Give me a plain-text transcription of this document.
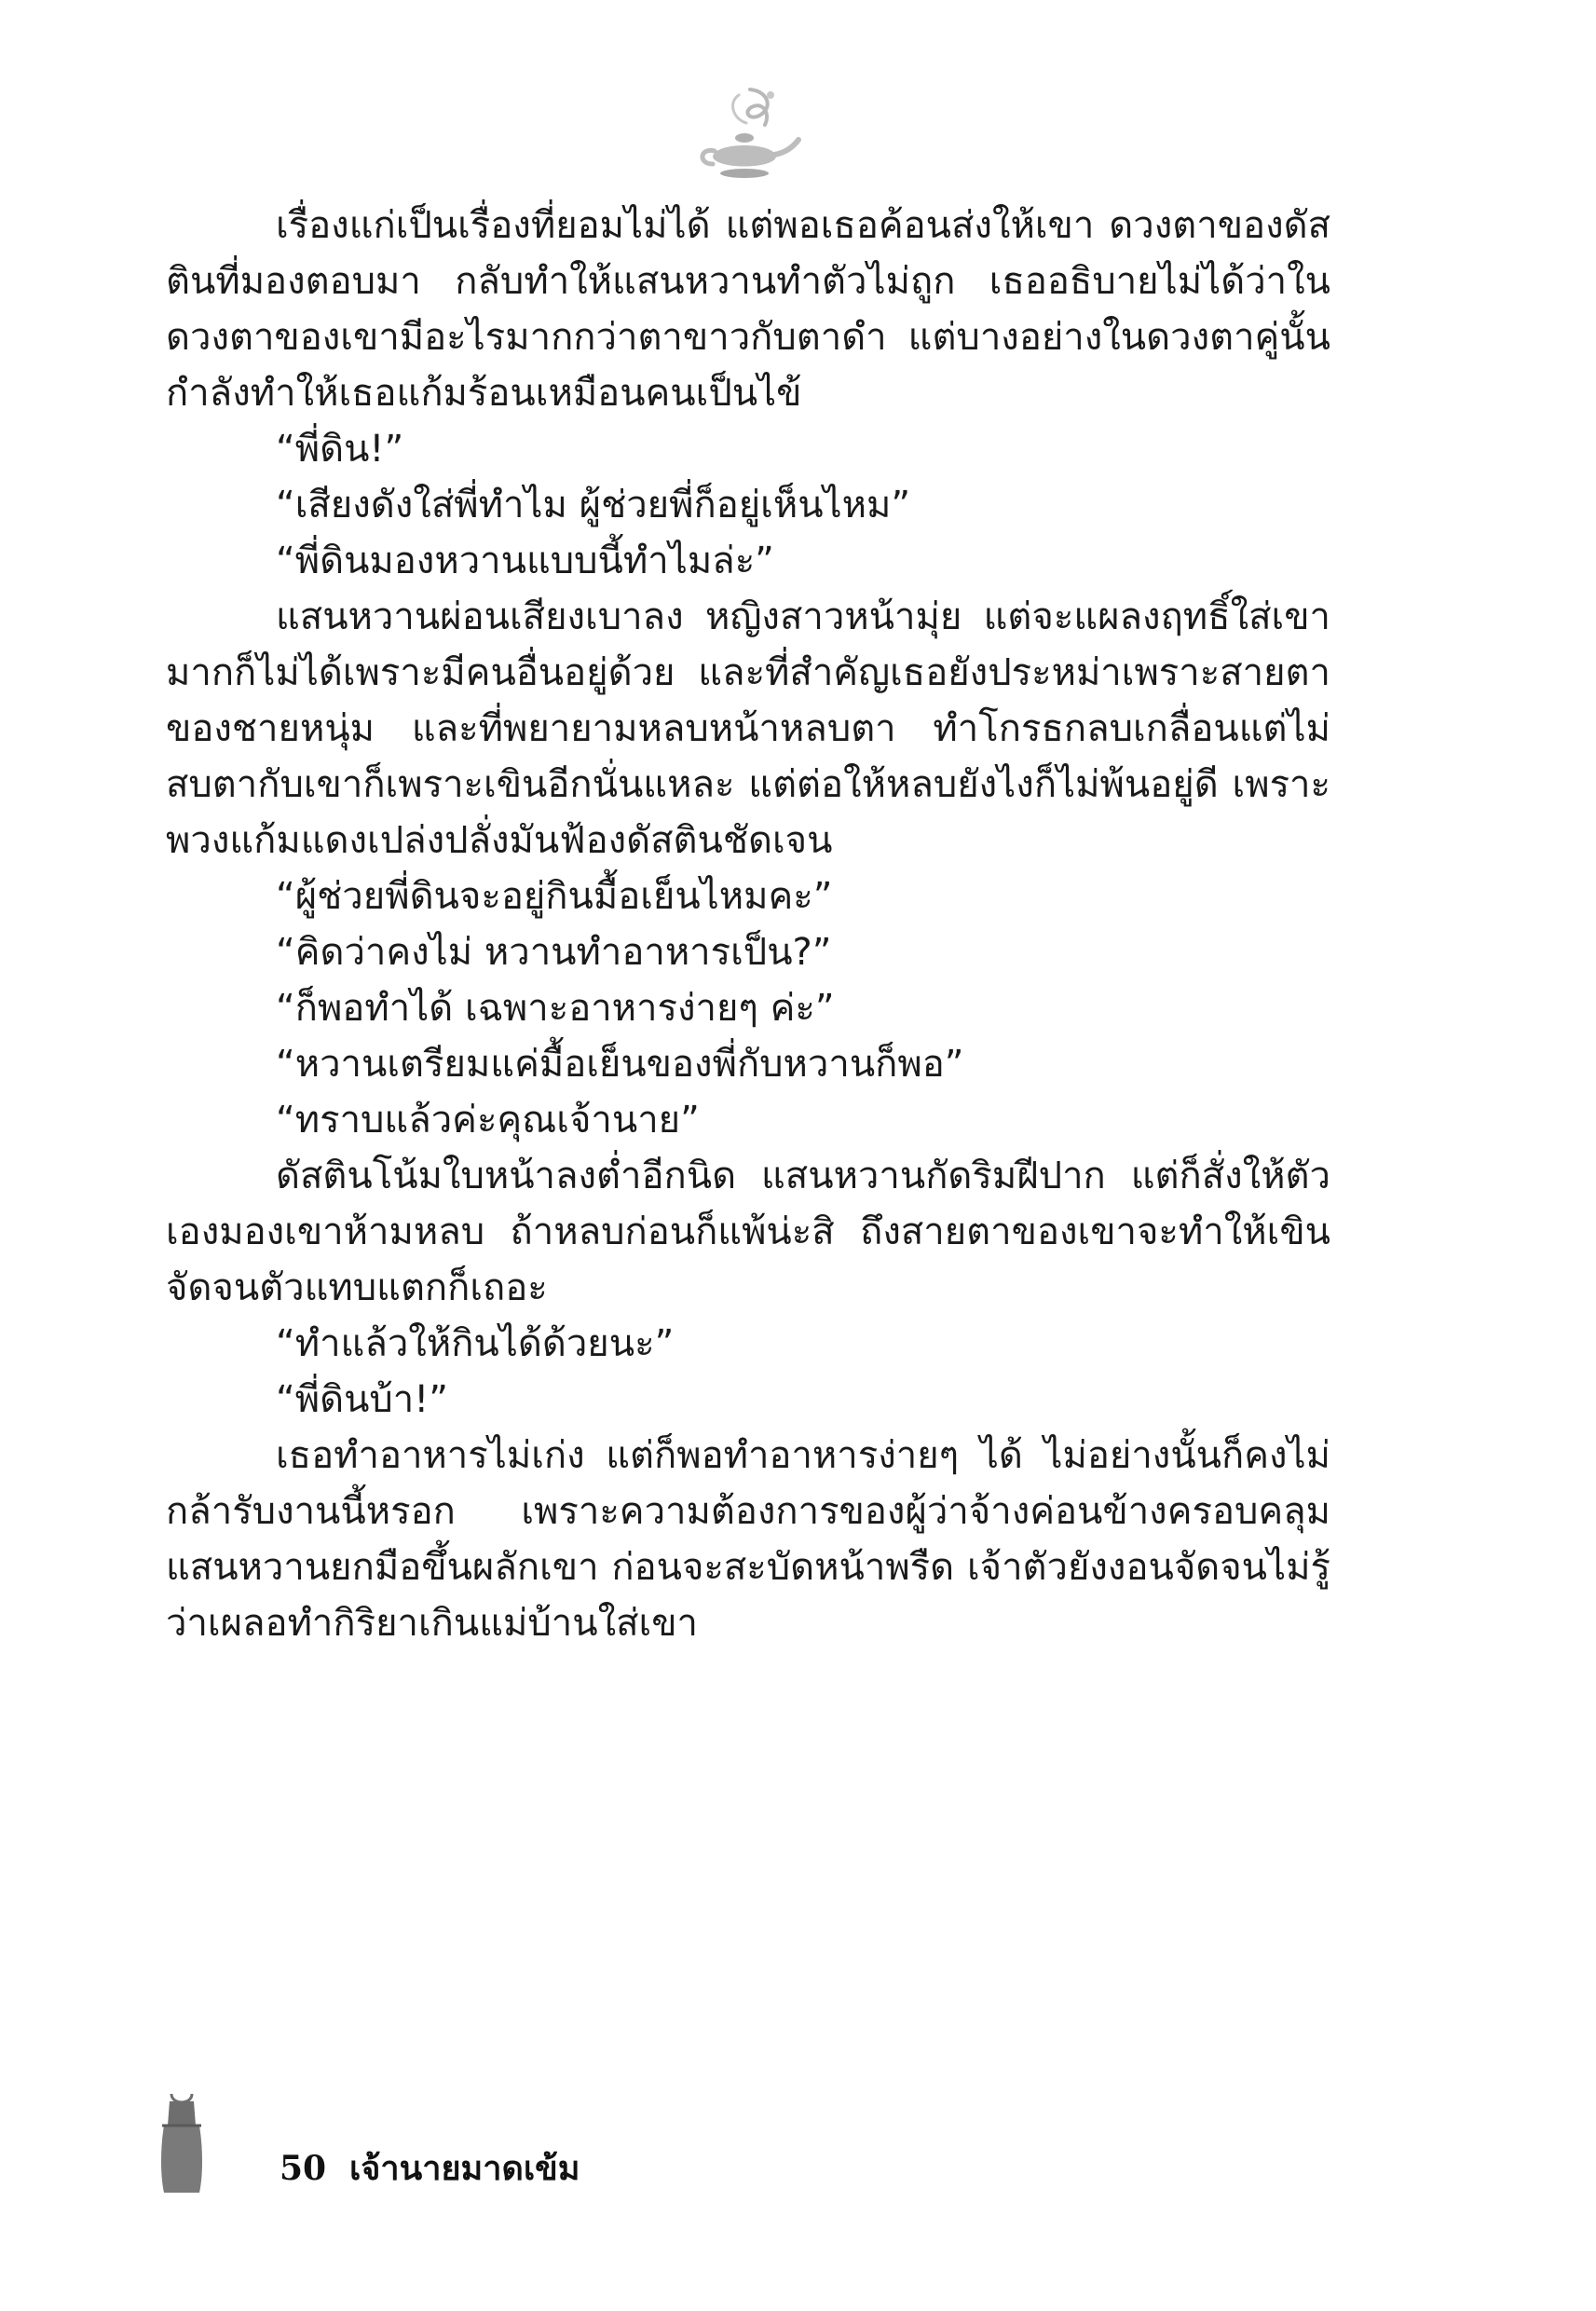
เรื่องแก่เป็นเรื่องที่ยอมไม่ได้ แต่พอเธอค้อนส่งให้เขา ดวงตาของดัสตินที่มองตอบมา กลับทำให้แสนหวานทำตัวไม่ถูก เธออธิบายไม่ได้ว่าในดวงตาของเขามีอะไรมากกว่าตาขาวกับตาดำ แต่บางอย่างในดวงตาคู่นั้นกำลังทำให้เธอแก้มร้อนเหมือนคนเป็นไข้

“พี่ดิน!”

“เสียงดังใส่พี่ทำไม ผู้ช่วยพี่ก็อยู่เห็นไหม”

“พี่ดินมองหวานแบบนี้ทำไมล่ะ”

แสนหวานผ่อนเสียงเบาลง หญิงสาวหน้ามุ่ย แต่จะแผลงฤทธิ์ใส่เขามากก็ไม่ได้เพราะมีคนอื่นอยู่ด้วย และที่สำคัญเธอยังประหม่าเพราะสายตาของชายหนุ่ม และที่พยายามหลบหน้าหลบตา ทำโกรธกลบเกลื่อนแต่ไม่สบตากับเขาก็เพราะเขินอีกนั่นแหละ แต่ต่อให้หลบยังไงก็ไม่พ้นอยู่ดี เพราะพวงแก้มแดงเปล่งปลั่งมันฟ้องดัสตินชัดเจน

“ผู้ช่วยพี่ดินจะอยู่กินมื้อเย็นไหมคะ”

“คิดว่าคงไม่ หวานทำอาหารเป็น?”

“ก็พอทำได้ เฉพาะอาหารง่ายๆ ค่ะ”

“หวานเตรียมแค่มื้อเย็นของพี่กับหวานก็พอ”

“ทราบแล้วค่ะคุณเจ้านาย”

ดัสตินโน้มใบหน้าลงต่ำอีกนิด แสนหวานกัดริมฝีปาก แต่ก็สั่งให้ตัวเองมองเขาห้ามหลบ ถ้าหลบก่อนก็แพ้น่ะสิ ถึงสายตาของเขาจะทำให้เขินจัดจนตัวแทบแตกก็เถอะ

“ทำแล้วให้กินได้ด้วยนะ”

“พี่ดินบ้า!”

เธอทำอาหารไม่เก่ง แต่ก็พอทำอาหารง่ายๆ ได้ ไม่อย่างนั้นก็คงไม่กล้ารับงานนี้หรอก เพราะความต้องการของผู้ว่าจ้างค่อนข้างครอบคลุม แสนหวานยกมือขึ้นผลักเขา ก่อนจะสะบัดหน้าพรืด เจ้าตัวยังงอนจัดจนไม่รู้ว่าเผลอทำกิริยาเกินแม่บ้านใส่เขา

50 เจ้านายมาดเข้ม
